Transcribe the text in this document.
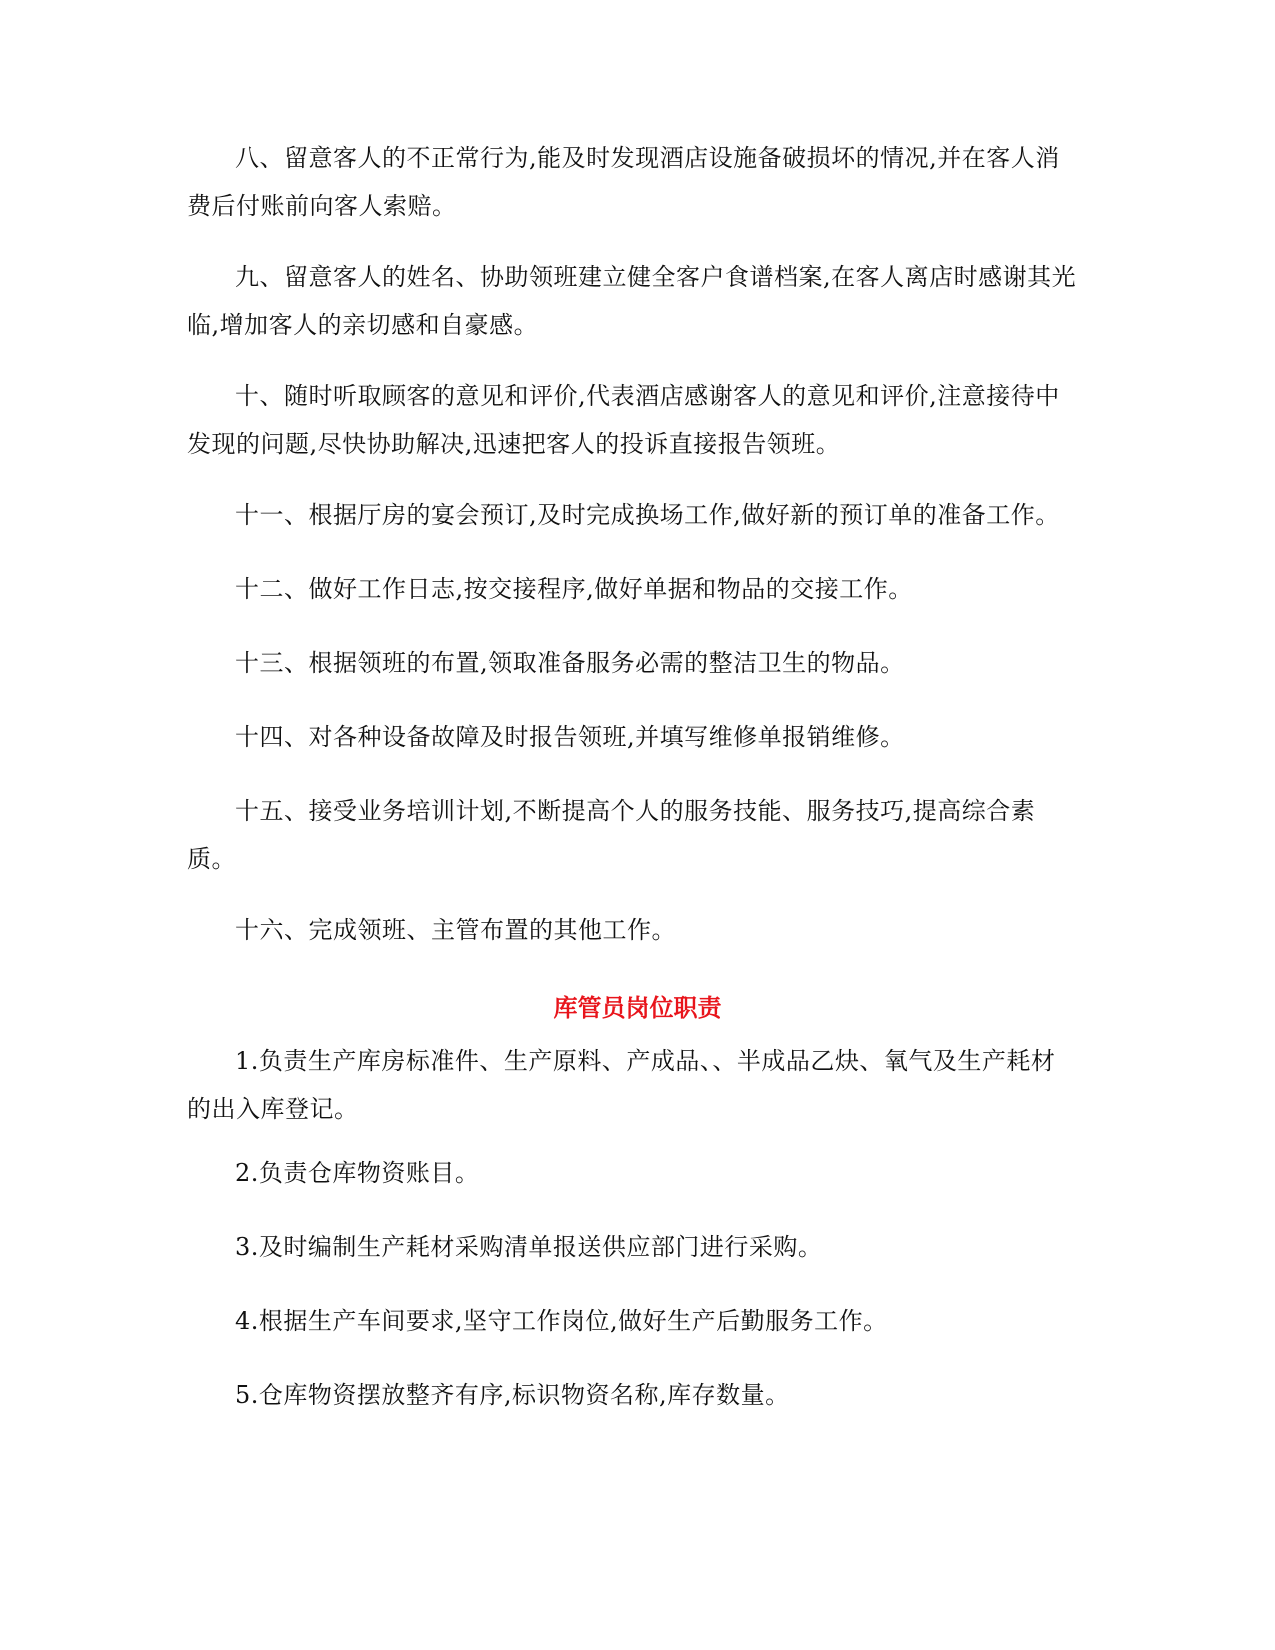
八、留意客人的不正常行为,能及时发现酒店设施备破损坏的情况,并在客人消费后付账前向客人索赔。

九、留意客人的姓名、协助领班建立健全客户食谱档案,在客人离店时感谢其光临,增加客人的亲切感和自豪感。

十、随时听取顾客的意见和评价,代表酒店感谢客人的意见和评价,注意接待中发现的问题,尽快协助解决,迅速把客人的投诉直接报告领班。

十一、根据厅房的宴会预订,及时完成换场工作,做好新的预订单的准备工作。

十二、做好工作日志,按交接程序,做好单据和物品的交接工作。

十三、根据领班的布置,领取准备服务必需的整洁卫生的物品。

十四、对各种设备故障及时报告领班,并填写维修单报销维修。

十五、接受业务培训计划,不断提高个人的服务技能、服务技巧,提高综合素质。

十六、完成领班、主管布置的其他工作。

库管员岗位职责

1.负责生产库房标准件、生产原料、产成品、、半成品乙炔、氧气及生产耗材的出入库登记。

2.负责仓库物资账目。

3.及时编制生产耗材采购清单报送供应部门进行采购。

4.根据生产车间要求,坚守工作岗位,做好生产后勤服务工作。

5.仓库物资摆放整齐有序,标识物资名称,库存数量。
